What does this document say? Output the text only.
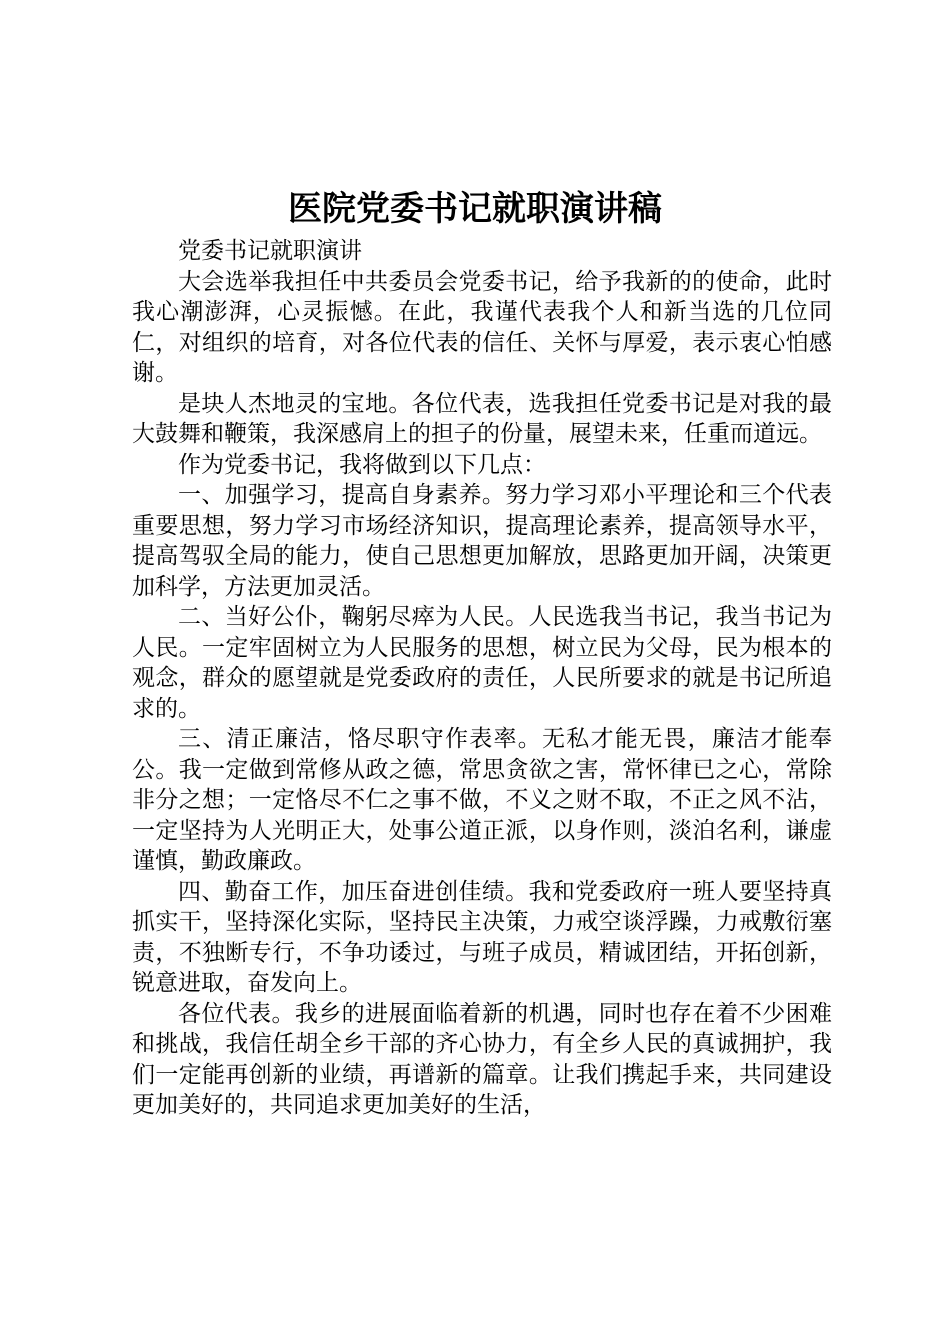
医院党委书记就职演讲稿

党委书记就职演讲

大会选举我担任中共委员会党委书记，给予我新的的使命，此时我心潮澎湃，心灵振憾。在此，我谨代表我个人和新当选的几位同仁，对组织的培育，对各位代表的信任、关怀与厚爱，表示衷心怕感谢。

是块人杰地灵的宝地。各位代表，选我担任党委书记是对我的最大鼓舞和鞭策，我深感肩上的担子的份量，展望未来，任重而道远。

作为党委书记，我将做到以下几点：

一、加强学习，提高自身素养。努力学习邓小平理论和三个代表重要思想，努力学习市场经济知识，提高理论素养，提高领导水平，提高驾驭全局的能力，使自己思想更加解放，思路更加开阔，决策更加科学，方法更加灵活。

二、当好公仆，鞠躬尽瘁为人民。人民选我当书记，我当书记为人民。一定牢固树立为人民服务的思想，树立民为父母，民为根本的观念，群众的愿望就是党委政府的责任，人民所要求的就是书记所追求的。

三、清正廉洁，恪尽职守作表率。无私才能无畏，廉洁才能奉公。我一定做到常修从政之德，常思贪欲之害，常怀律已之心，常除非分之想；一定恪尽不仁之事不做，不义之财不取，不正之风不沾，一定坚持为人光明正大，处事公道正派，以身作则，淡泊名利，谦虚谨慎，勤政廉政。

四、勤奋工作，加压奋进创佳绩。我和党委政府一班人要坚持真抓实干，坚持深化实际，坚持民主决策，力戒空谈浮躁，力戒敷衍塞责，不独断专行，不争功诿过，与班子成员，精诚团结，开拓创新，锐意进取，奋发向上。

各位代表。我乡的进展面临着新的机遇，同时也存在着不少困难和挑战，我信任胡全乡干部的齐心协力，有全乡人民的真诚拥护，我们一定能再创新的业绩，再谱新的篇章。让我们携起手来，共同建设更加美好的，共同追求更加美好的生活，
